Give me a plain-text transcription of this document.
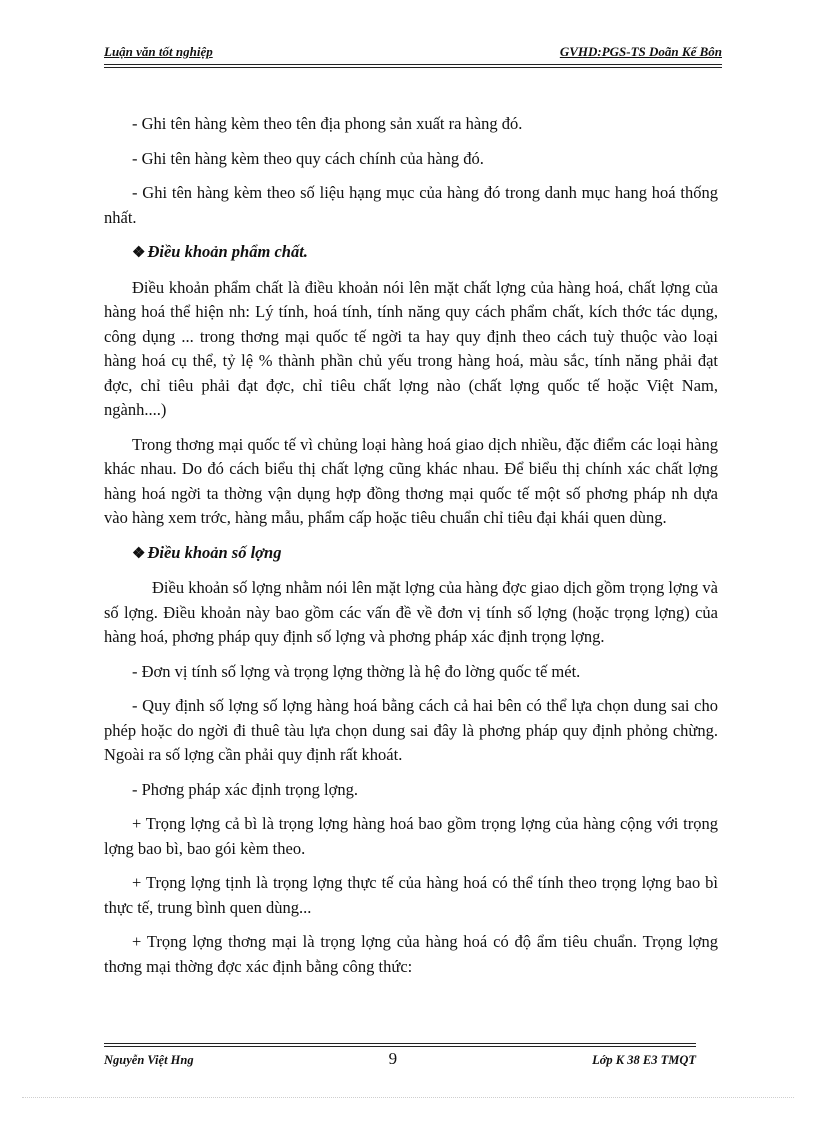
Luận văn tốt nghiệp	GVHD:PGS-TS Doãn Kế Bôn

- Ghi tên hàng kèm theo tên địa phong sản xuất ra hàng đó.

- Ghi tên hàng kèm theo quy cách chính của hàng đó.

- Ghi tên hàng kèm theo số liệu hạng mục của hàng đó trong danh mục hang hoá thống nhất.

❖ Điều khoản phẩm chất.

Điều khoản phẩm chất là điều khoản nói lên mặt chất lợng của hàng hoá, chất lợng của hàng hoá thể hiện nh: Lý tính, hoá tính, tính năng quy cách phẩm chất, kích thớc tác dụng, công dụng ... trong thơng mại quốc tế ngời ta hay quy định theo cách tuỳ thuộc vào loại hàng hoá cụ thể, tỷ lệ % thành phần chủ yếu trong hàng hoá, màu sắc, tính năng phải đạt đợc, chỉ tiêu phải đạt đợc, chỉ tiêu chất lợng nào (chất lợng quốc tế hoặc Việt Nam, ngành....)

Trong thơng mại quốc tế vì chủng loại hàng hoá giao dịch nhiều, đặc điểm các loại hàng khác nhau. Do đó cách biểu thị chất lợng cũng khác nhau. Để biểu thị chính xác chất lợng hàng hoá ngời ta thờng vận dụng hợp đồng thơng mại quốc tế một số phơng pháp nh dựa vào hàng xem trớc, hàng mẫu, phẩm cấp hoặc tiêu chuẩn chỉ tiêu đại khái quen dùng.

❖ Điều khoản số lợng

Điều khoản số lợng nhằm nói lên mặt lợng của hàng đợc giao dịch gồm trọng lợng và số lợng. Điều khoản này bao gồm các vấn đề về đơn vị tính số lợng (hoặc trọng lợng) của hàng hoá, phơng pháp quy định số lợng và phơng pháp xác định trọng lợng.

- Đơn vị tính số lợng và trọng lợng thờng là hệ đo lờng quốc tế mét.

- Quy định số lợng số lợng hàng hoá bằng cách cả hai bên có thể lựa chọn dung sai cho phép hoặc do ngời đi thuê tàu lựa chọn dung sai đây là phơng pháp quy định phỏng chừng. Ngoài ra số lợng cần phải quy định rất khoát.

- Phơng pháp xác định trọng lợng.

+ Trọng lợng cả bì là trọng lợng hàng hoá bao gồm trọng lợng của hàng cộng với trọng lợng bao bì, bao gói kèm theo.

+ Trọng lợng tịnh là trọng lợng thực tế của hàng hoá có thể tính theo trọng lợng bao bì thực tế, trung bình quen dùng...

+ Trọng lợng thơng mại là trọng lợng của hàng hoá có độ ẩm tiêu chuẩn. Trọng lợng thơng mại thờng đợc xác định bằng công thức:

Nguyễn Việt Hng	9	Lớp K 38 E3 TMQT
